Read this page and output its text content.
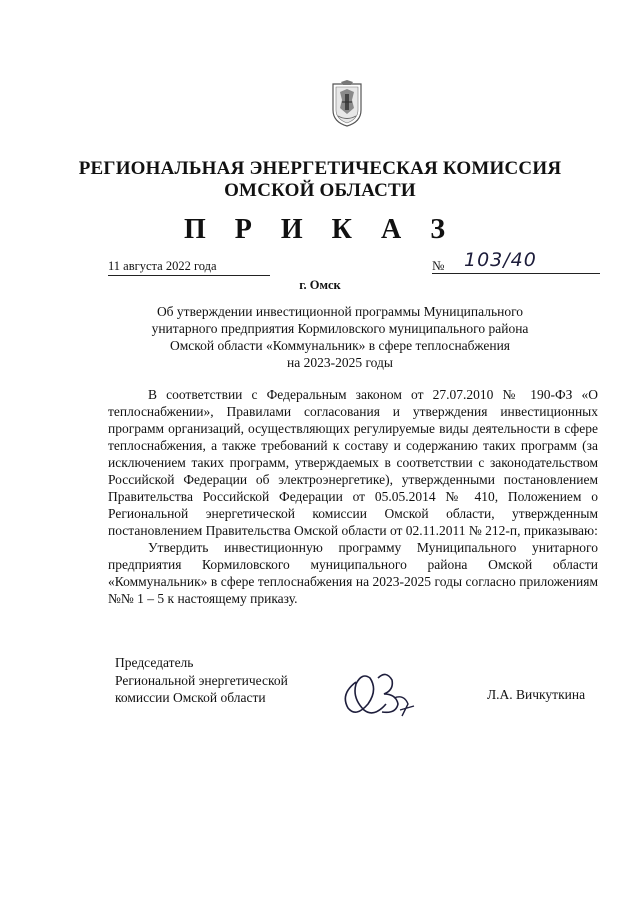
РЕГИОНАЛЬНАЯ ЭНЕРГЕТИЧЕСКАЯ КОМИССИЯ
ОМСКОЙ ОБЛАСТИ
П Р И К А З
11 августа 2022 года	№ 103/40
г. Омск
Об утверждении инвестиционной программы Муниципального
унитарного предприятия Кормиловского муниципального района
Омской области «Коммунальник» в сфере теплоснабжения
на 2023-2025 годы

В соответствии с Федеральным законом от 27.07.2010 № 190-ФЗ «О теплоснабжении», Правилами согласования и утверждения инвестиционных программ организаций, осуществляющих регулируемые виды деятельности в сфере теплоснабжения, а также требований к составу и содержанию таких программ (за исключением таких программ, утверждаемых в соответствии с законодательством Российской Федерации об электроэнергетике), утвержденными постановлением Правительства Российской Федерации от 05.05.2014 № 410, Положением о Региональной энергетической комиссии Омской области, утвержденным постановлением Правительства Омской области от 02.11.2011 № 212-п, приказываю:

Утвердить инвестиционную программу Муниципального унитарного предприятия Кормиловского муниципального района Омской области «Коммунальник» в сфере теплоснабжения на 2023-2025 годы согласно приложениям №№ 1 – 5 к настоящему приказу.

Председатель
Региональной энергетической
комиссии Омской области	Л.А. Вичкуткина
